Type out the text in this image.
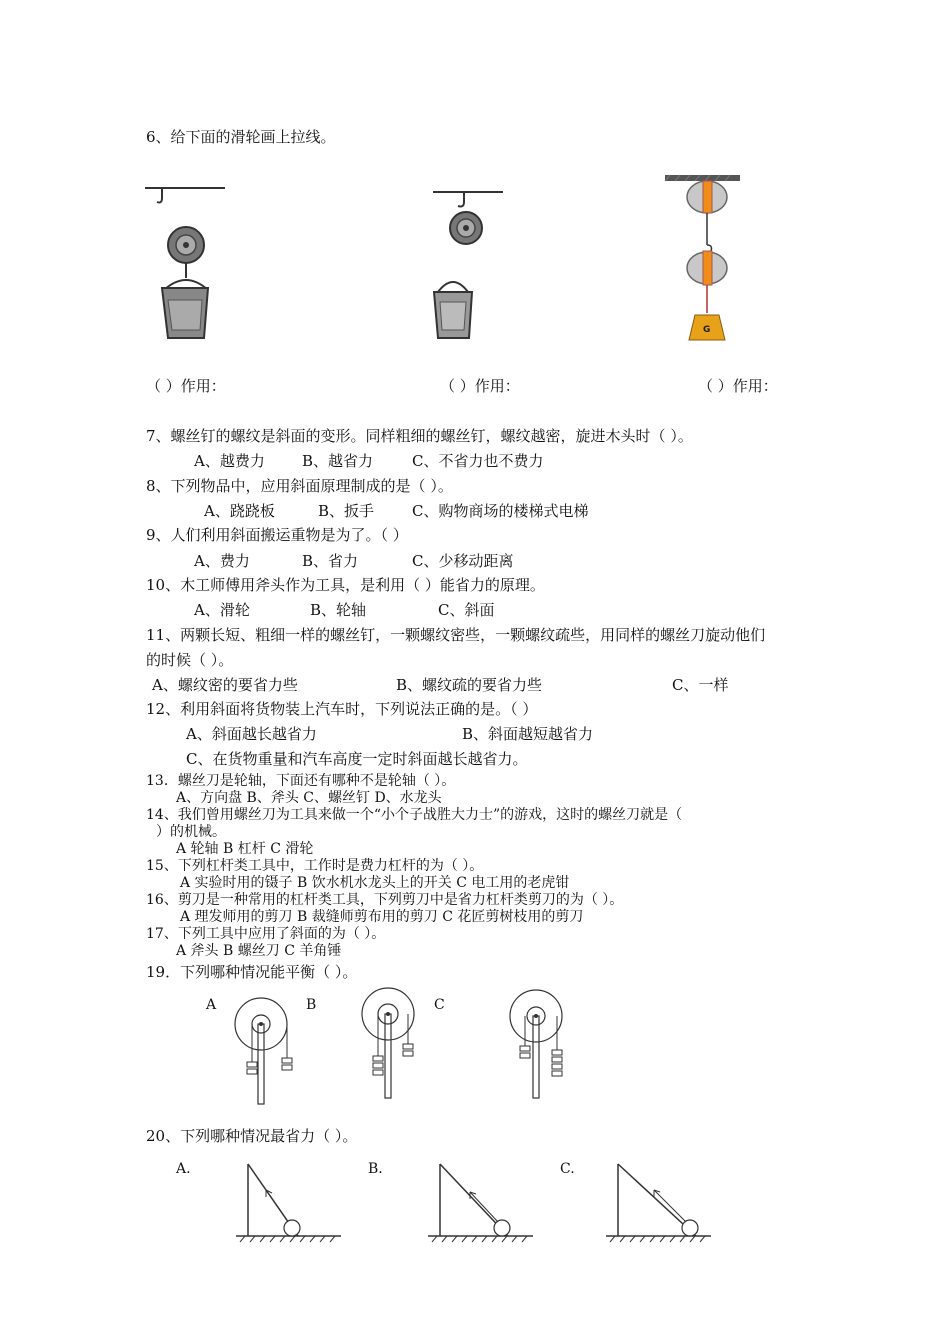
6、给下面的滑轮画上拉线。
G
（ ）作用：	（ ）作用：	（ ）作用：
7、螺丝钉的螺纹是斜面的变形。同样粗细的螺丝钉，螺纹越密，旋进木头时（ ）。
A、越费力 B、越省力	C、不省力也不费力
8、下列物品中，应用斜面原理制成的是（ ）。
A、跷跷板	B、扳手	C、购物商场的楼梯式电梯
9、人们利用斜面搬运重物是为了。（ ）
A、费力	B、省力	C、少移动距离
10、木工师傅用斧头作为工具，是利用（ ）能省力的原理。
A、滑轮	B、轮轴	C、斜面
11、两颗长短、粗细一样的螺丝钉，一颗螺纹密些，一颗螺纹疏些，用同样的螺丝刀旋动他们
的时候（ ）。
A、螺纹密的要省力些	B、螺纹疏的要省力些	C、一样
12、利用斜面将货物装上汽车时，下列说法正确的是。（ ）
A、斜面越长越省力	B、斜面越短越省力
C、在货物重量和汽车高度一定时斜面越长越省力。
13．螺丝刀是轮轴，下面还有哪种不是轮轴（ ）。
A、方向盘 B、斧头 C、螺丝钉 D、水龙头
14、我们曾用螺丝刀为工具来做一个“小个子战胜大力士”的游戏，这时的螺丝刀就是（
）的机械。
A 轮轴 B 杠杆 C 滑轮
15、下列杠杆类工具中，工作时是费力杠杆的为（ ）。
A 实验时用的镊子 B 饮水机水龙头上的开关 C 电工用的老虎钳
16、剪刀是一种常用的杠杆类工具，下列剪刀中是省力杠杆类剪刀的为（ ）。
A 理发师用的剪刀 B 裁缝师剪布用的剪刀 C 花匠剪树枝用的剪刀
17、下列工具中应用了斜面的为（ ）。
A 斧头 B 螺丝刀 C 羊角锤
19．下列哪种情况能平衡（ ）。
A	B	C
20、下列哪种情况最省力（ ）。
A.	B.	C.
